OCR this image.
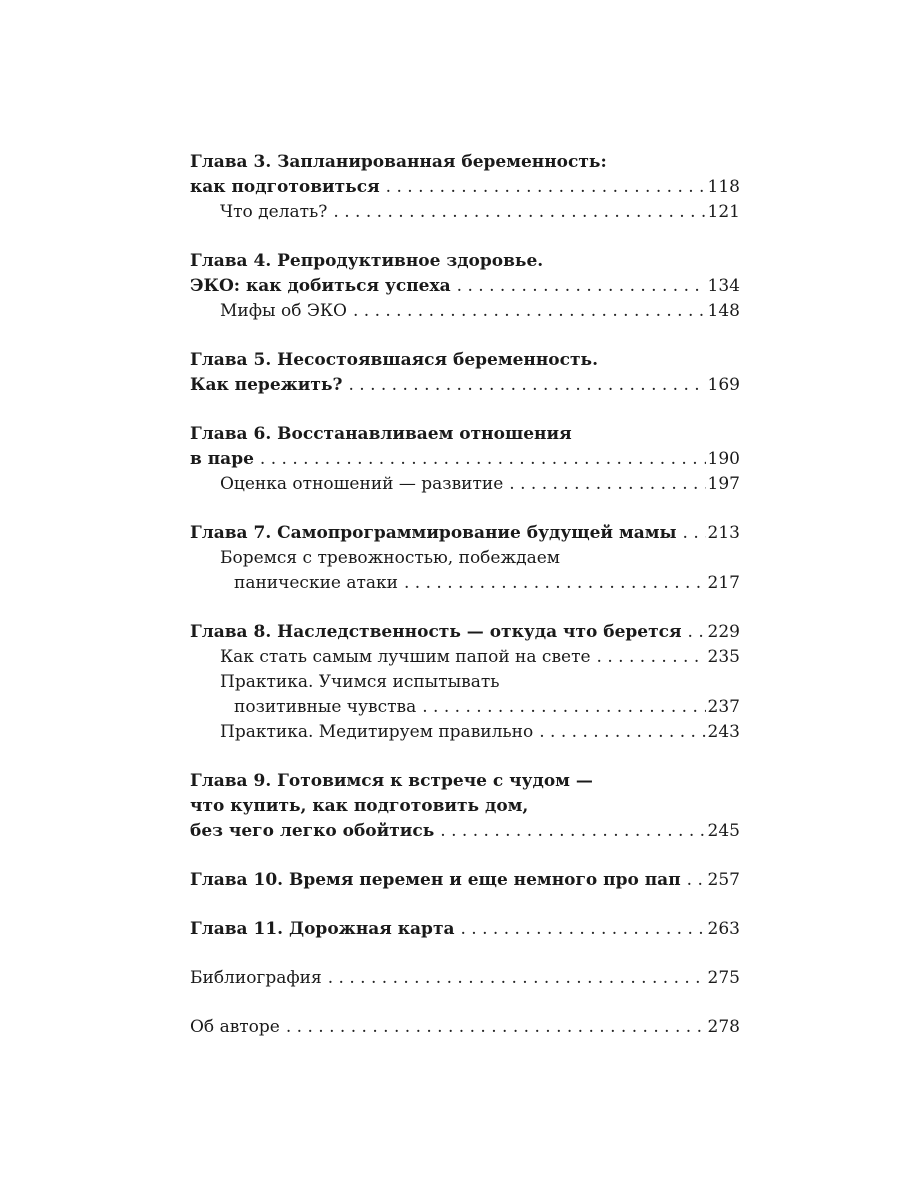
Глава 3. Запланированная беременность:
как подготовиться . . .	118
Что делать? . . .	121
Глава 4. Репродуктивное здоровье.
ЭКО: как добиться успеха . . .	134
Мифы об ЭКО . . .	148
Глава 5. Несостоявшаяся беременность.
Как пережить? . . .	169
Глава 6. Восстанавливаем отношения
в паре . . .	190
Оценка отношений — развитие . . .	197
Глава 7. Самопрограммирование будущей мамы . . . 213
Боремся с тревожностью, побеждаем
панические атаки . . .	217
Глава 8. Наследственность — откуда что берется . . . 229
Как стать самым лучшим папой на свете . . .	235
Практика. Учимся испытывать
позитивные чувства . . .	237
Практика. Медитируем правильно . . .	243
Глава 9. Готовимся к встрече с чудом —
что купить, как подготовить дом,
без чего легко обойтись . . .	245
Глава 10. Время перемен и еще немного про пап . . . 257
Глава 11. Дорожная карта . . .	263
Библиография . . .	275
Об авторе . . .	278
